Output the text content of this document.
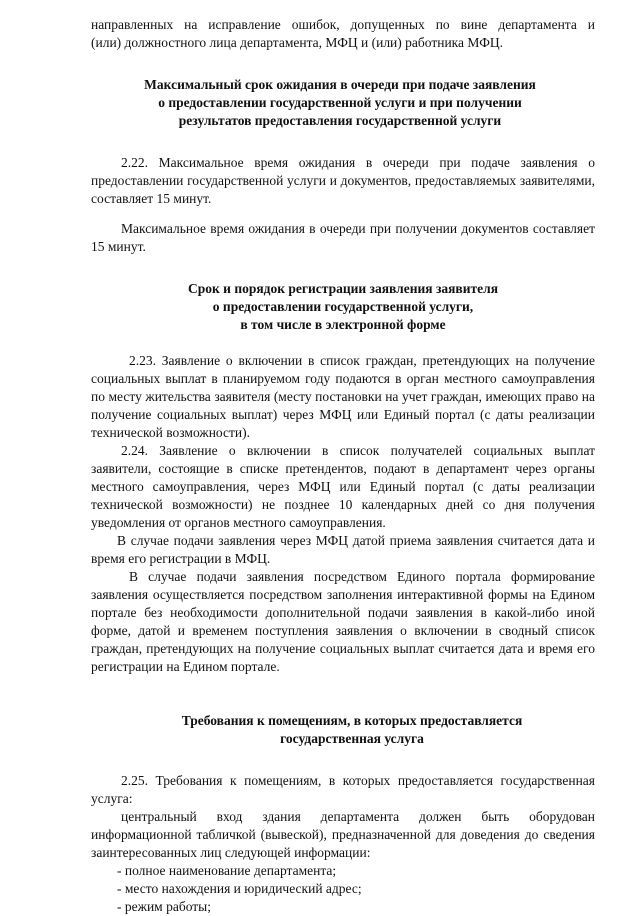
направленных на исправление ошибок, допущенных по вине департамента и

(или) должностного лица департамента, МФЦ и (или) работника МФЦ.

Максимальный срок ожидания в очереди при подаче заявления
о предоставлении государственной услуги и при получении
результатов предоставления государственной услуги

2.22. Максимальное время ожидания в очереди при подаче заявления о предоставлении государственной услуги и документов, предоставляемых заявителями, составляет 15 минут.

Максимальное время ожидания в очереди при получении документов составляет 15 минут.

Срок и порядок регистрации заявления заявителя
о предоставлении государственной услуги,
в том числе в электронной форме

2.23. Заявление о включении в список граждан, претендующих на получение социальных выплат в планируемом году подаются в орган местного самоуправления по месту жительства заявителя (месту постановки на учет граждан, имеющих право на получение социальных выплат) через МФЦ или Единый портал (с даты реализации технической возможности).

2.24. Заявление о включении в список получателей социальных выплат заявители, состоящие в списке претендентов, подают в департамент через органы местного самоуправления, через МФЦ или Единый портал (с даты реализации технической возможности) не позднее 10 календарных дней со дня получения уведомления от органов местного самоуправления.

В случае подачи заявления через МФЦ датой приема заявления считается дата и время его регистрации в МФЦ.

В случае подачи заявления посредством Единого портала формирование заявления осуществляется посредством заполнения интерактивной формы на Едином портале без необходимости дополнительной подачи заявления в какой-либо иной форме, датой и временем поступления заявления о включении в сводный список граждан, претендующих на получение социальных выплат считается дата и время его регистрации на Едином портале.

Требования к помещениям, в которых предоставляется
государственная услуга

2.25. Требования к помещениям, в которых предоставляется государственная услуга:

центральный вход здания департамента должен быть оборудован информационной табличкой (вывеской), предназначенной для доведения до сведения заинтересованных лиц следующей информации:

- полное наименование департамента;

- место нахождения и юридический адрес;

- режим работы;
